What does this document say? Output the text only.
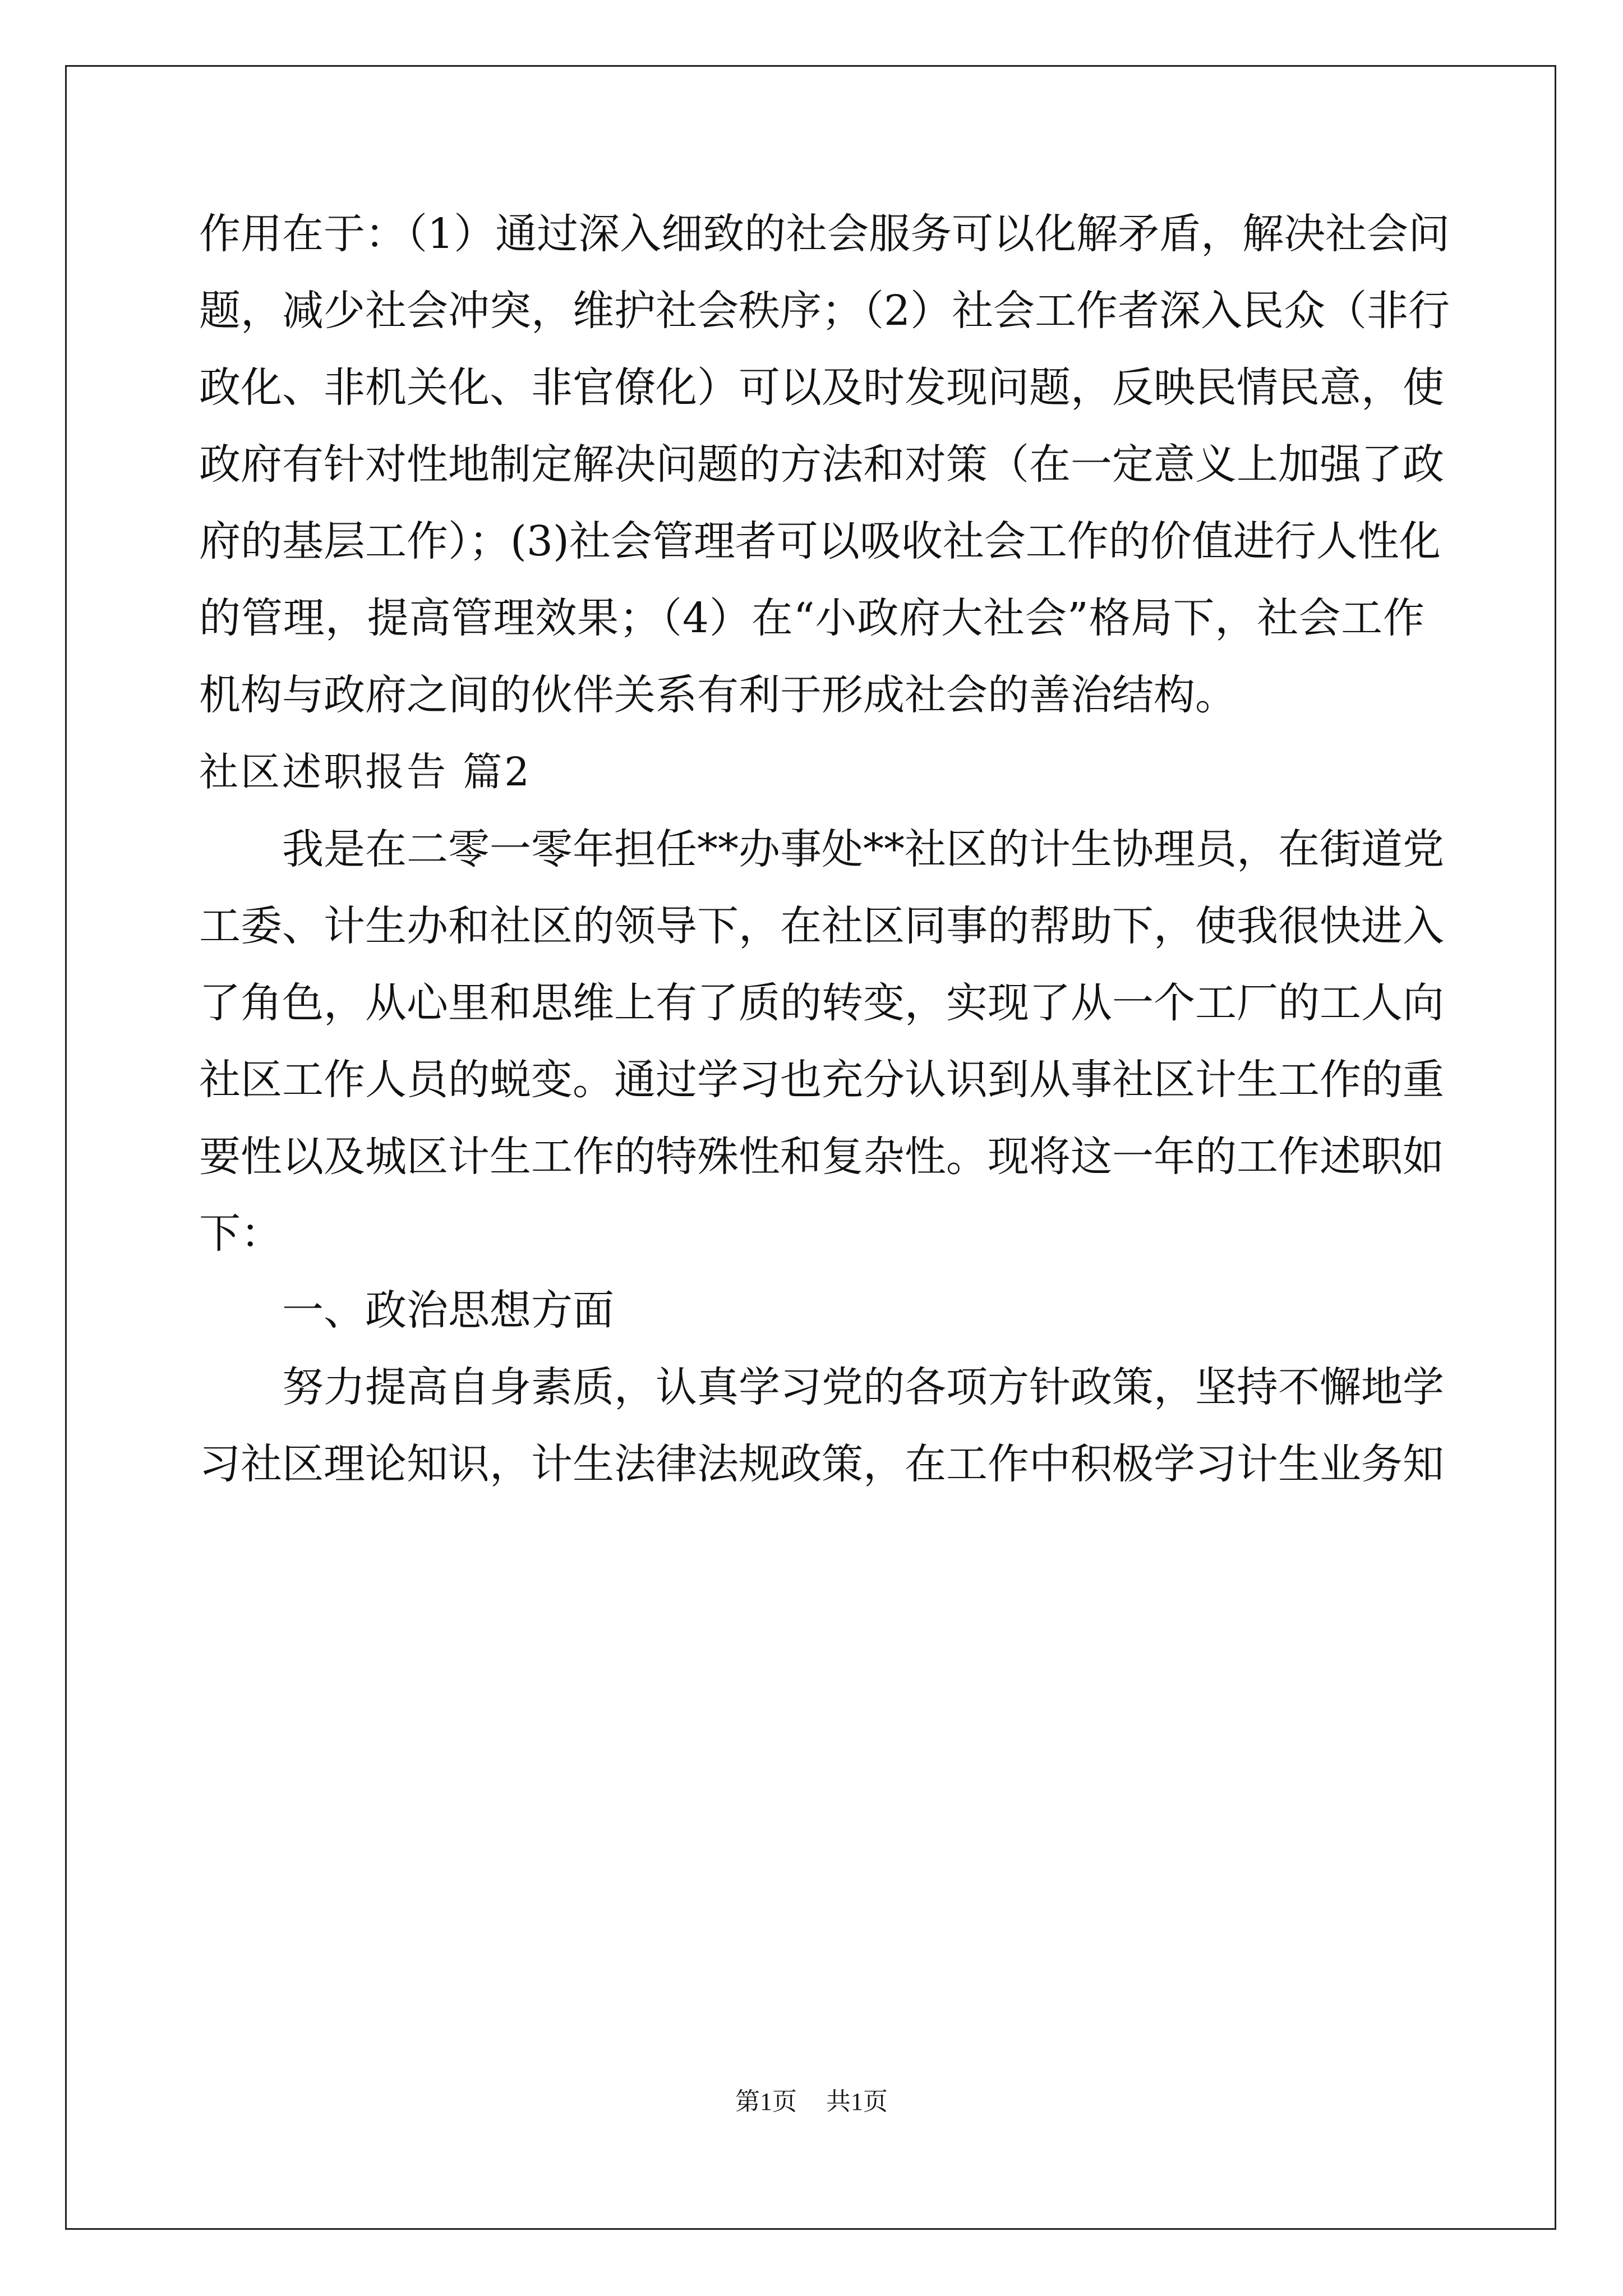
作用在于：（1）通过深入细致的社会服务可以化解矛盾，解决社会问
题，减少社会冲突，维护社会秩序；（2）社会工作者深入民众（非行
政化、非机关化、非官僚化）可以及时发现问题，反映民情民意，使
政府有针对性地制定解决问题的方法和对策（在一定意义上加强了政
府的基层工作）；(3)社会管理者可以吸收社会工作的价值进行人性化
的管理，提高管理效果；（4）在“小政府大社会”格局下，社会工作
机构与政府之间的伙伴关系有利于形成社会的善治结构。
社区述职报告 篇2
我是在二零一零年担任**办事处**社区的计生协理员，在街道党
工委、计生办和社区的领导下，在社区同事的帮助下，使我很快进入
了角色，从心里和思维上有了质的转变，实现了从一个工厂的工人向
社区工作人员的蜕变。通过学习也充分认识到从事社区计生工作的重
要性以及城区计生工作的特殊性和复杂性。现将这一年的工作述职如
下：
一、政治思想方面
努力提高自身素质，认真学习党的各项方针政策，坚持不懈地学
习社区理论知识，计生法律法规政策，在工作中积极学习计生业务知
第1页 共1页
